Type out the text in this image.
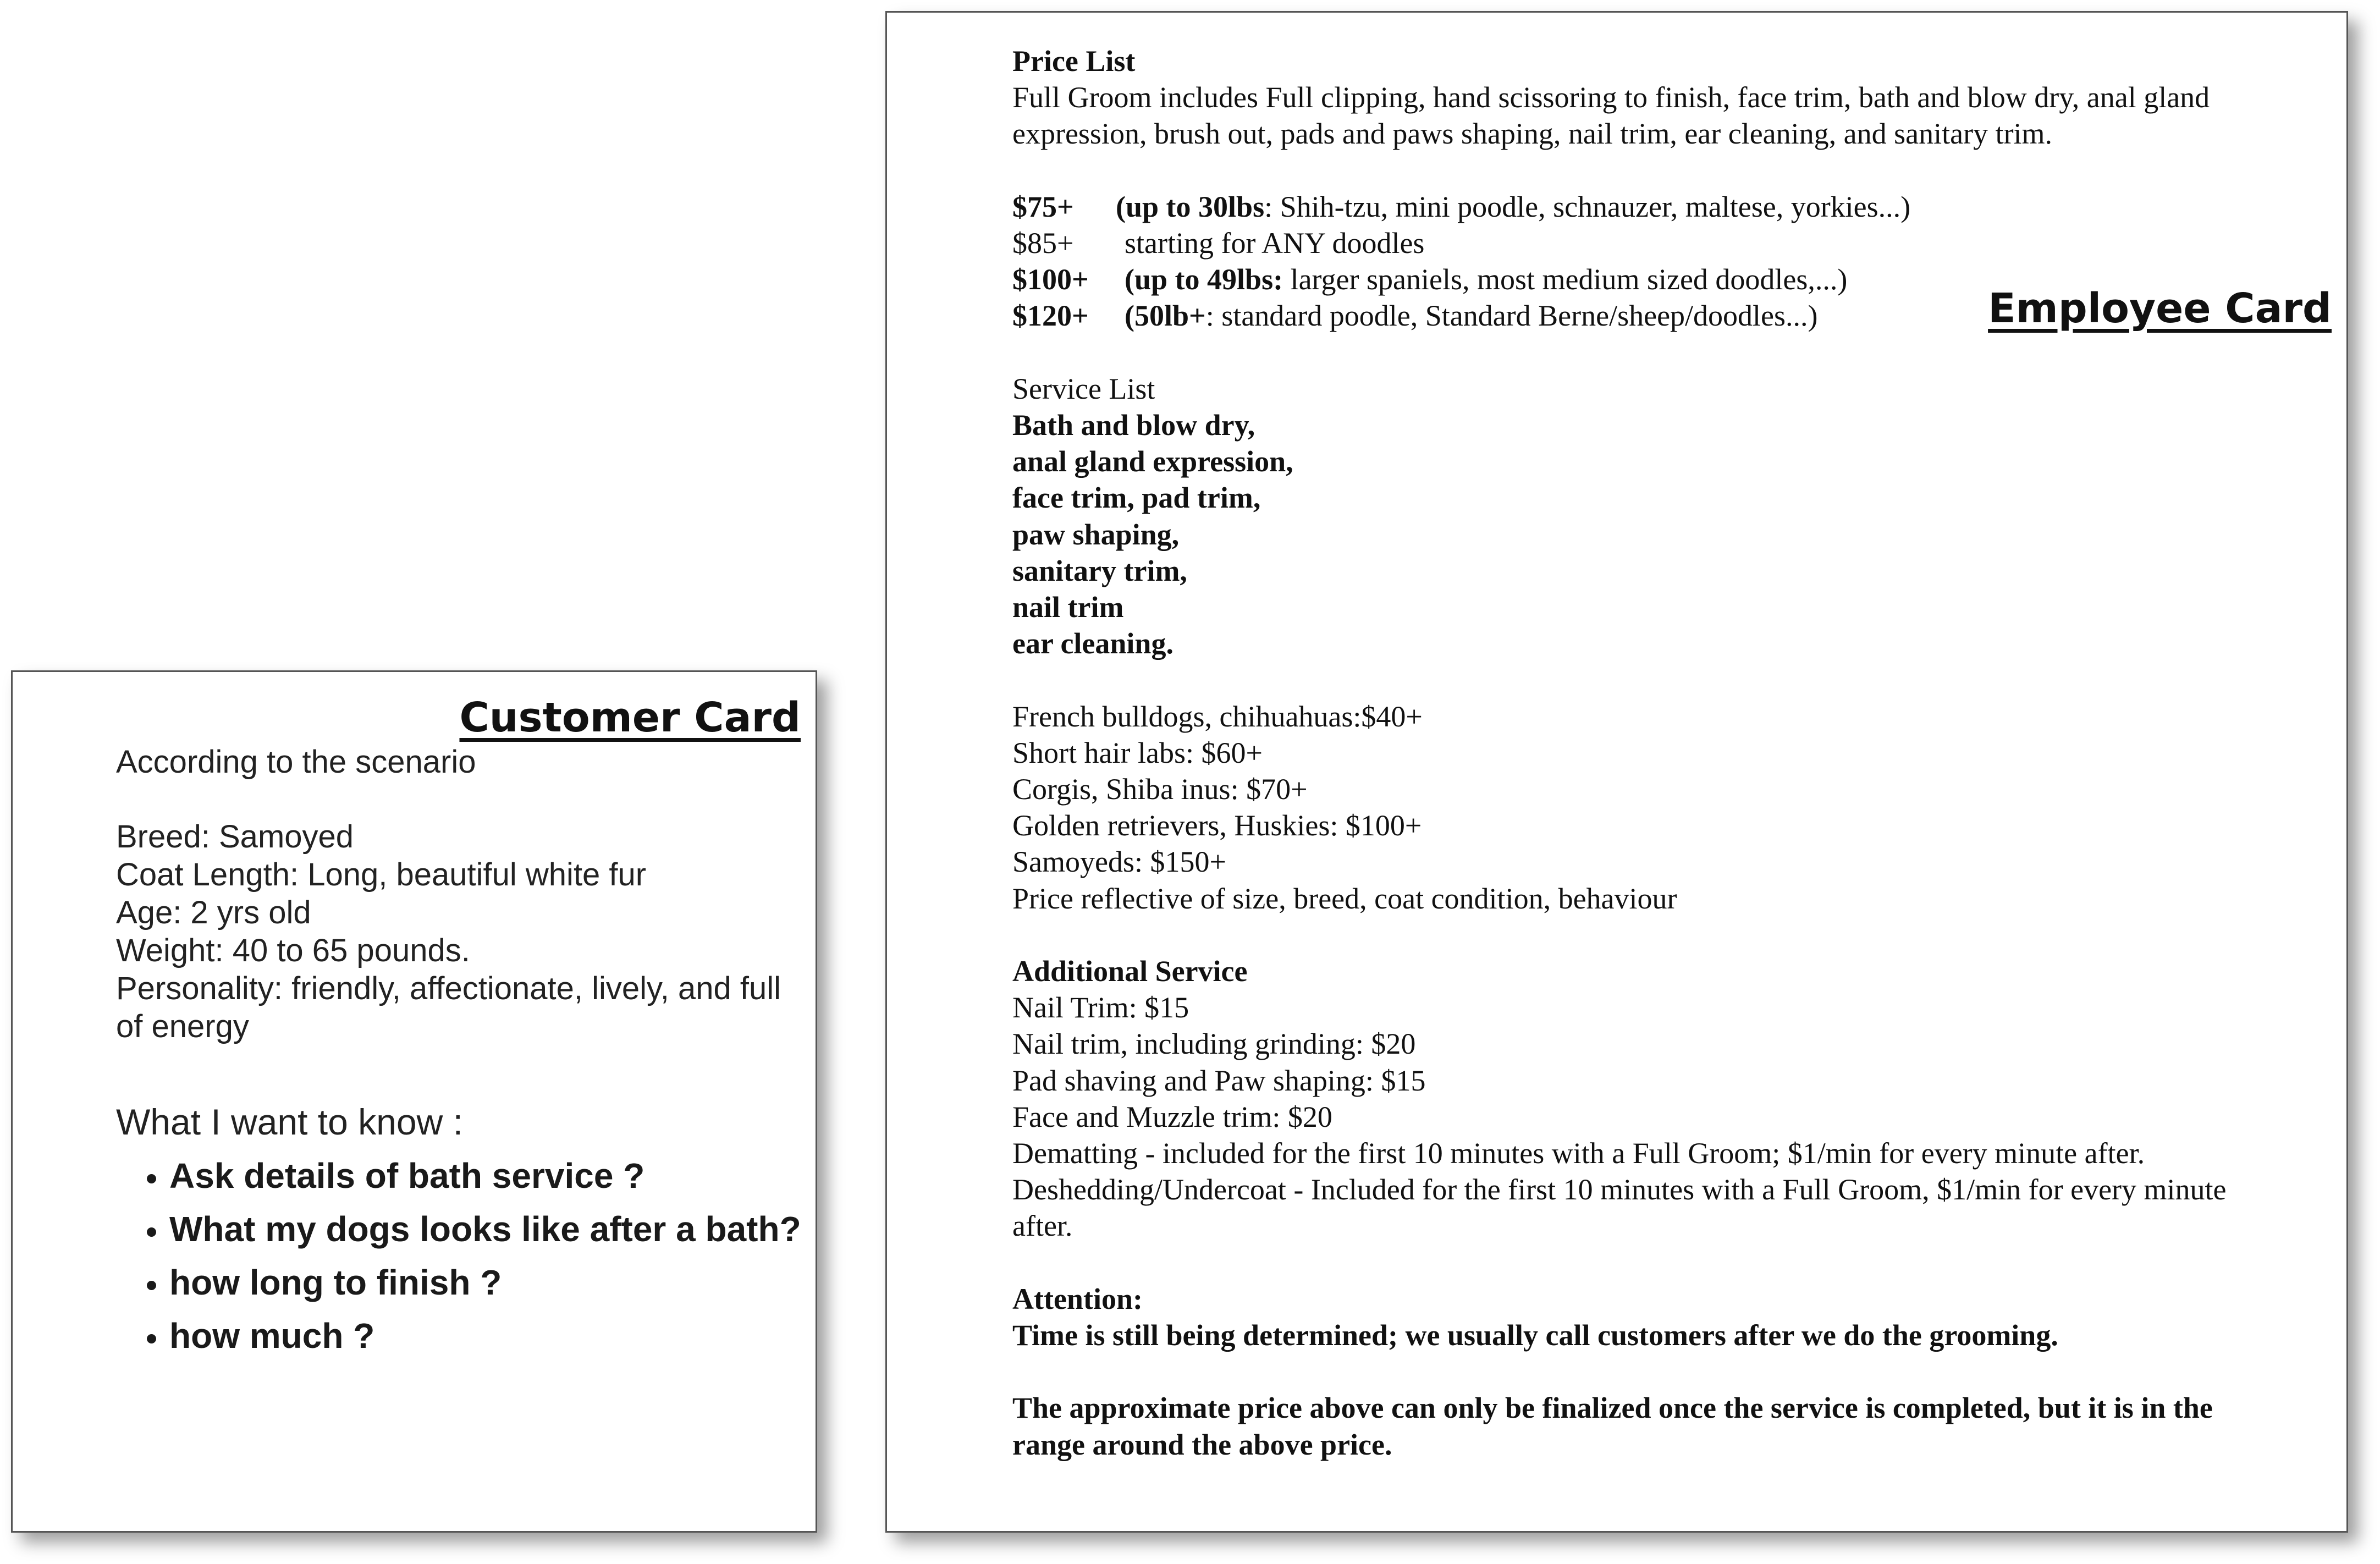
Customer Card

According to the scenario

Breed: Samoyed

Coat Length: Long, beautiful white fur

Age: 2 yrs old

Weight: 40 to 65 pounds.

Personality: friendly, affectionate, lively, and full of energy

What I want to know :

• Ask details of bath service ?
• What my dogs looks like after a bath?
• how long to finish ?
• how much ?
Employee Card

Price List

Full Groom includes Full clipping, hand scissoring to finish, face trim, bath and blow dry, anal gland expression, brush out, pads and paws shaping, nail trim, ear cleaning, and sanitary trim.

$75+	(up to 30lbs: Shih-tzu, mini poodle, schnauzer, maltese, yorkies...)

$85+	starting for ANY doodles

$100+	(up to 49lbs: larger spaniels, most medium sized doodles,...)

$120+	(50lb+: standard poodle, Standard Berne/sheep/doodles...)

Service List

Bath and blow dry,

anal gland expression,

face trim, pad trim,

paw shaping,

sanitary trim,

nail trim

ear cleaning.

French bulldogs, chihuahuas:$40+

Short hair labs: $60+

Corgis, Shiba inus: $70+

Golden retrievers, Huskies: $100+

Samoyeds: $150+

Price reflective of size, breed, coat condition, behaviour

Additional Service

Nail Trim: $15

Nail trim, including grinding: $20

Pad shaving and Paw shaping: $15

Face and Muzzle trim: $20

Dematting - included for the first 10 minutes with a Full Groom; $1/min for every minute after.

Deshedding/Undercoat - Included for the first 10 minutes with a Full Groom, $1/min for every minute after.

Attention:

Time is still being determined; we usually call customers after we do the grooming.

The approximate price above can only be finalized once the service is completed, but it is in the range around the above price.
